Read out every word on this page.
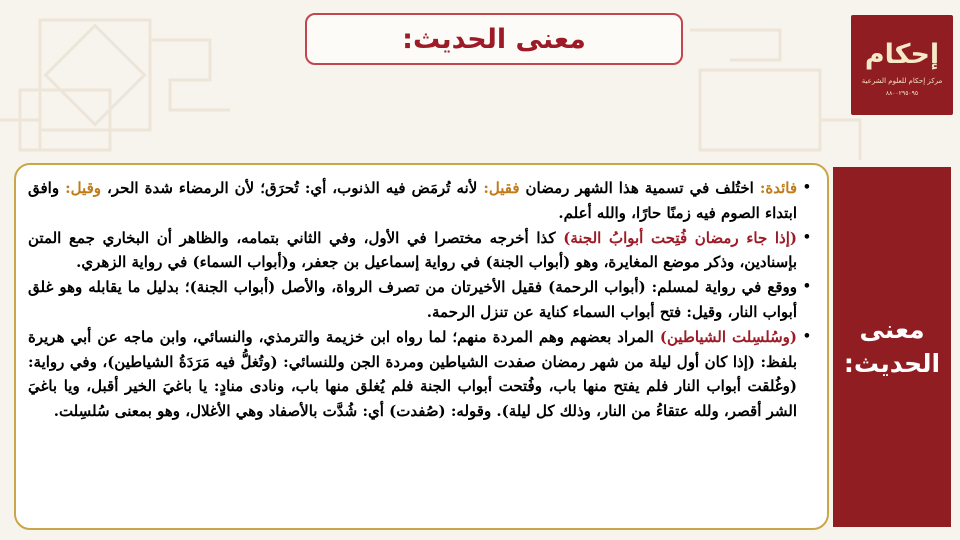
معنى الحديث:	إحكام
مركز إحكام للعلوم الشرعية
٨٨٠٠٢٩٥٠٩٥
معنى الحديث:

•
فائدة: اختُلف في تسمية هذا الشهر رمضان فقيل: لأنه تُرمَض فيه الذنوب، أي: تُحرَق؛ لأن الرمضاء شدة الحر، وقيل: وافق ابتداء الصوم فيه زمنًا حارًا، والله أعلم.

•
(إذا جاء رمضان فُتِحت أبوابُ الجنة) كذا أخرجه مختصرا في الأول، وفي الثاني بتمامه، والظاهر أن البخاري جمع المتن بإسنادين، وذكر موضع المغايرة، وهو (أبواب الجنة) في رواية إسماعيل بن جعفر، و(أبواب السماء) في رواية الزهري.

•
ووقع في رواية لمسلم: (أبواب الرحمة) فقيل الأخيرتان من تصرف الرواة، والأصل (أبواب الجنة)؛ بدليل ما يقابله وهو غلق أبواب النار، وقيل: فتح أبواب السماء كناية عن تنزل الرحمة.

•
(وسُلسِلت الشياطين) المراد بعضهم وهم المردة منهم؛ لما رواه ابن خزيمة والترمذي، والنسائي، وابن ماجه عن أبي هريرة بلفظ: (إذا كان أول ليلة من شهر رمضان صفدت الشياطين ومردة الجن وللنسائي: (وتُغلُّ فيه مَرَدَةُ الشياطين)، وفي رواية: (وغُلقت أبواب النار فلم يفتح منها باب، وفُتحت أبواب الجنة فلم يُغلق منها باب، ونادى منادٍ: يا باغيَ الخير أقبل، ويا باغيَ الشر أقصر، ولله عتقاءُ من النار، وذلك كل ليلة). وقوله: (صُفدت) أي: شُدَّت بالأصفاد وهي الأغلال، وهو بمعنى سُلسِلت.
